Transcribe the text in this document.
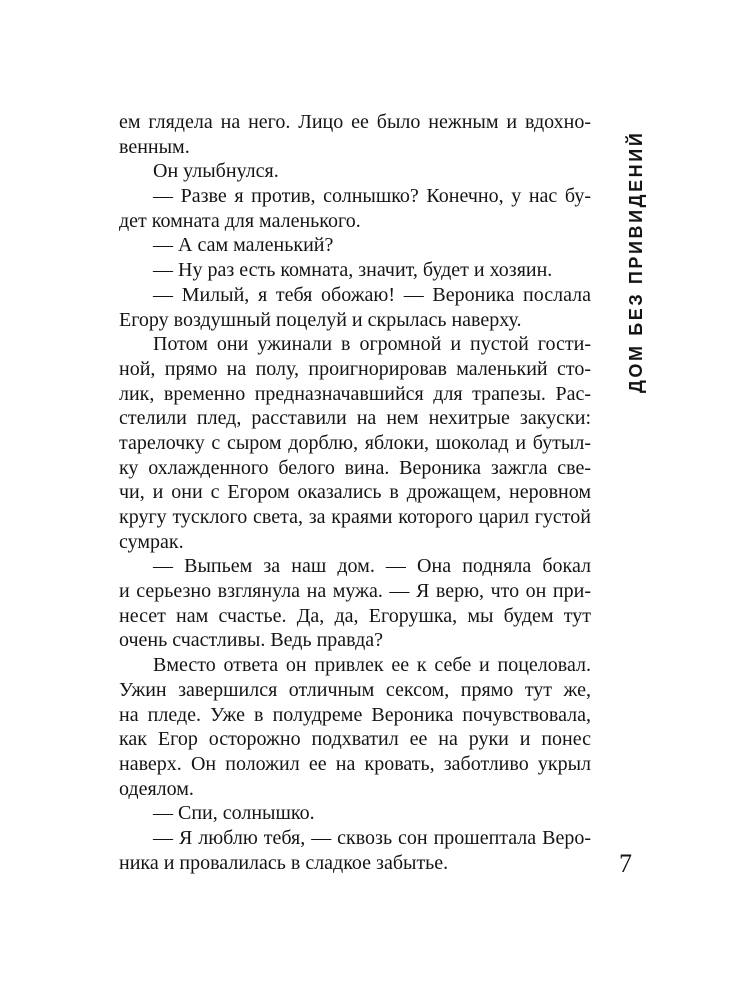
ем глядела на него. Лицо ее было нежным и вдохно-
венным.
Он улыбнулся.
— Разве я против, солнышко? Конечно, у нас бу-
дет комната для маленького.
— А сам маленький?
— Ну раз есть комната, значит, будет и хозяин.
— Милый, я тебя обожаю! — Вероника послала
Егору воздушный поцелуй и скрылась наверху.
Потом они ужинали в огромной и пустой гости-
ной, прямо на полу, проигнорировав маленький сто-
лик, временно предназначавшийся для трапезы. Рас-
стелили плед, расставили на нем нехитрые закуски:
тарелочку с сыром дорблю, яблоки, шоколад и бутыл-
ку охлажденного белого вина. Вероника зажгла све-
чи, и они с Егором оказались в дрожащем, неровном
кругу тусклого света, за краями которого царил густой
сумрак.
— Выпьем за наш дом. — Она подняла бокал
и серьезно взглянула на мужа. — Я верю, что он при-
несет нам счастье. Да, да, Егорушка, мы будем тут
очень счастливы. Ведь правда?
Вместо ответа он привлек ее к себе и поцеловал.
Ужин завершился отличным сексом, прямо тут же,
на пледе. Уже в полудреме Вероника почувствовала,
как Егор осторожно подхватил ее на руки и понес
наверх. Он положил ее на кровать, заботливо укрыл
одеялом.
— Спи, солнышко.
— Я люблю тебя, — сквозь сон прошептала Веро-
ника и провалилась в сладкое забытье.
ДОМ БЕЗ ПРИВИДЕНИЙ
7
